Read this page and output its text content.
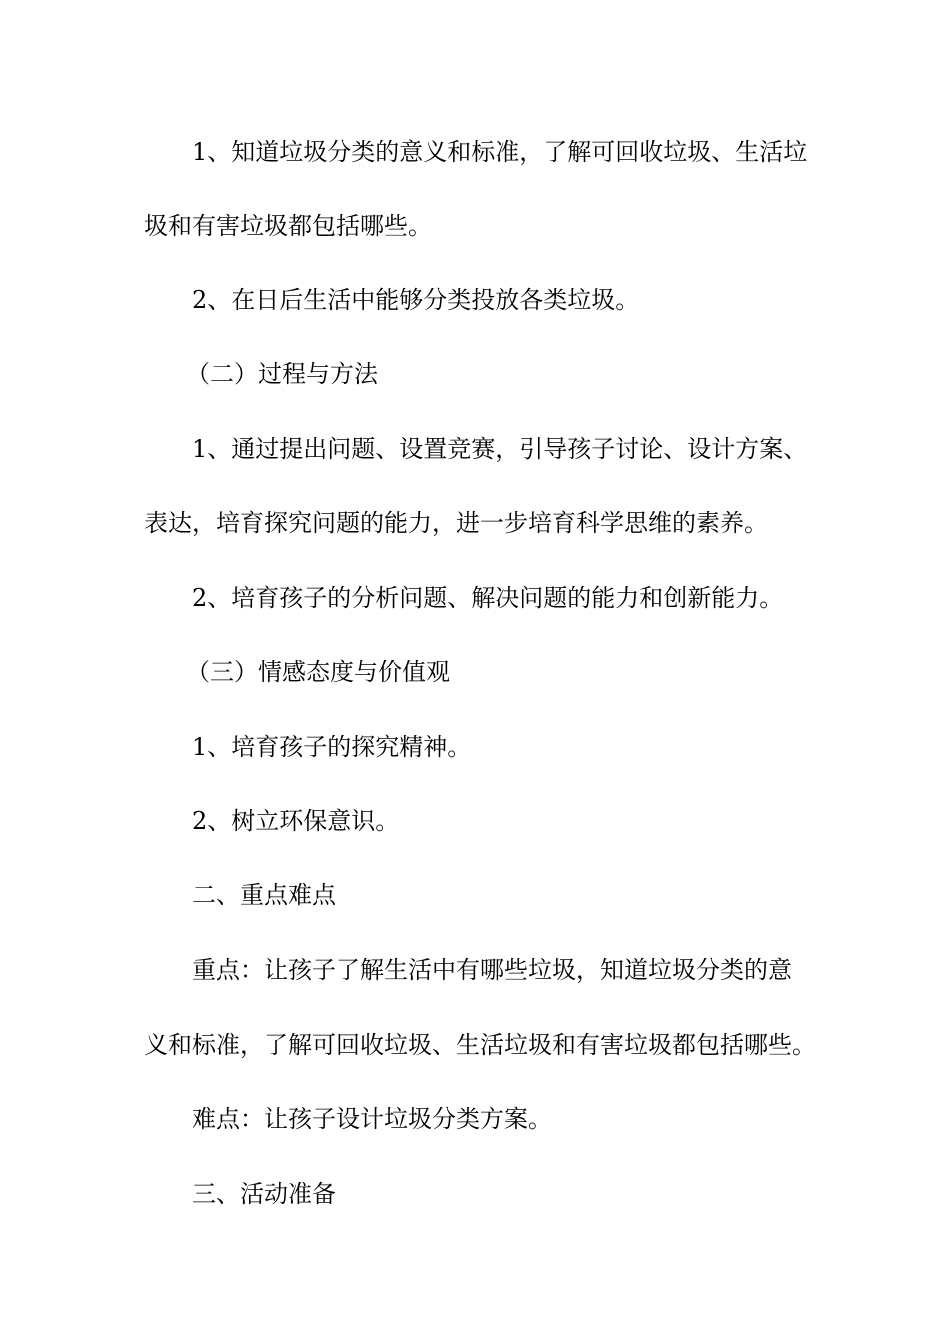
1、知道垃圾分类的意义和标准，了解可回收垃圾、生活垃
圾和有害垃圾都包括哪些。
2、在日后生活中能够分类投放各类垃圾。
（二）过程与方法
1、通过提出问题、设置竞赛，引导孩子讨论、设计方案、
表达，培育探究问题的能力，进一步培育科学思维的素养。
2、培育孩子的分析问题、解决问题的能力和创新能力。
（三）情感态度与价值观
1、培育孩子的探究精神。
2、树立环保意识。
二、重点难点
重点：让孩子了解生活中有哪些垃圾，知道垃圾分类的意
义和标准，了解可回收垃圾、生活垃圾和有害垃圾都包括哪些。
难点：让孩子设计垃圾分类方案。
三、活动准备
